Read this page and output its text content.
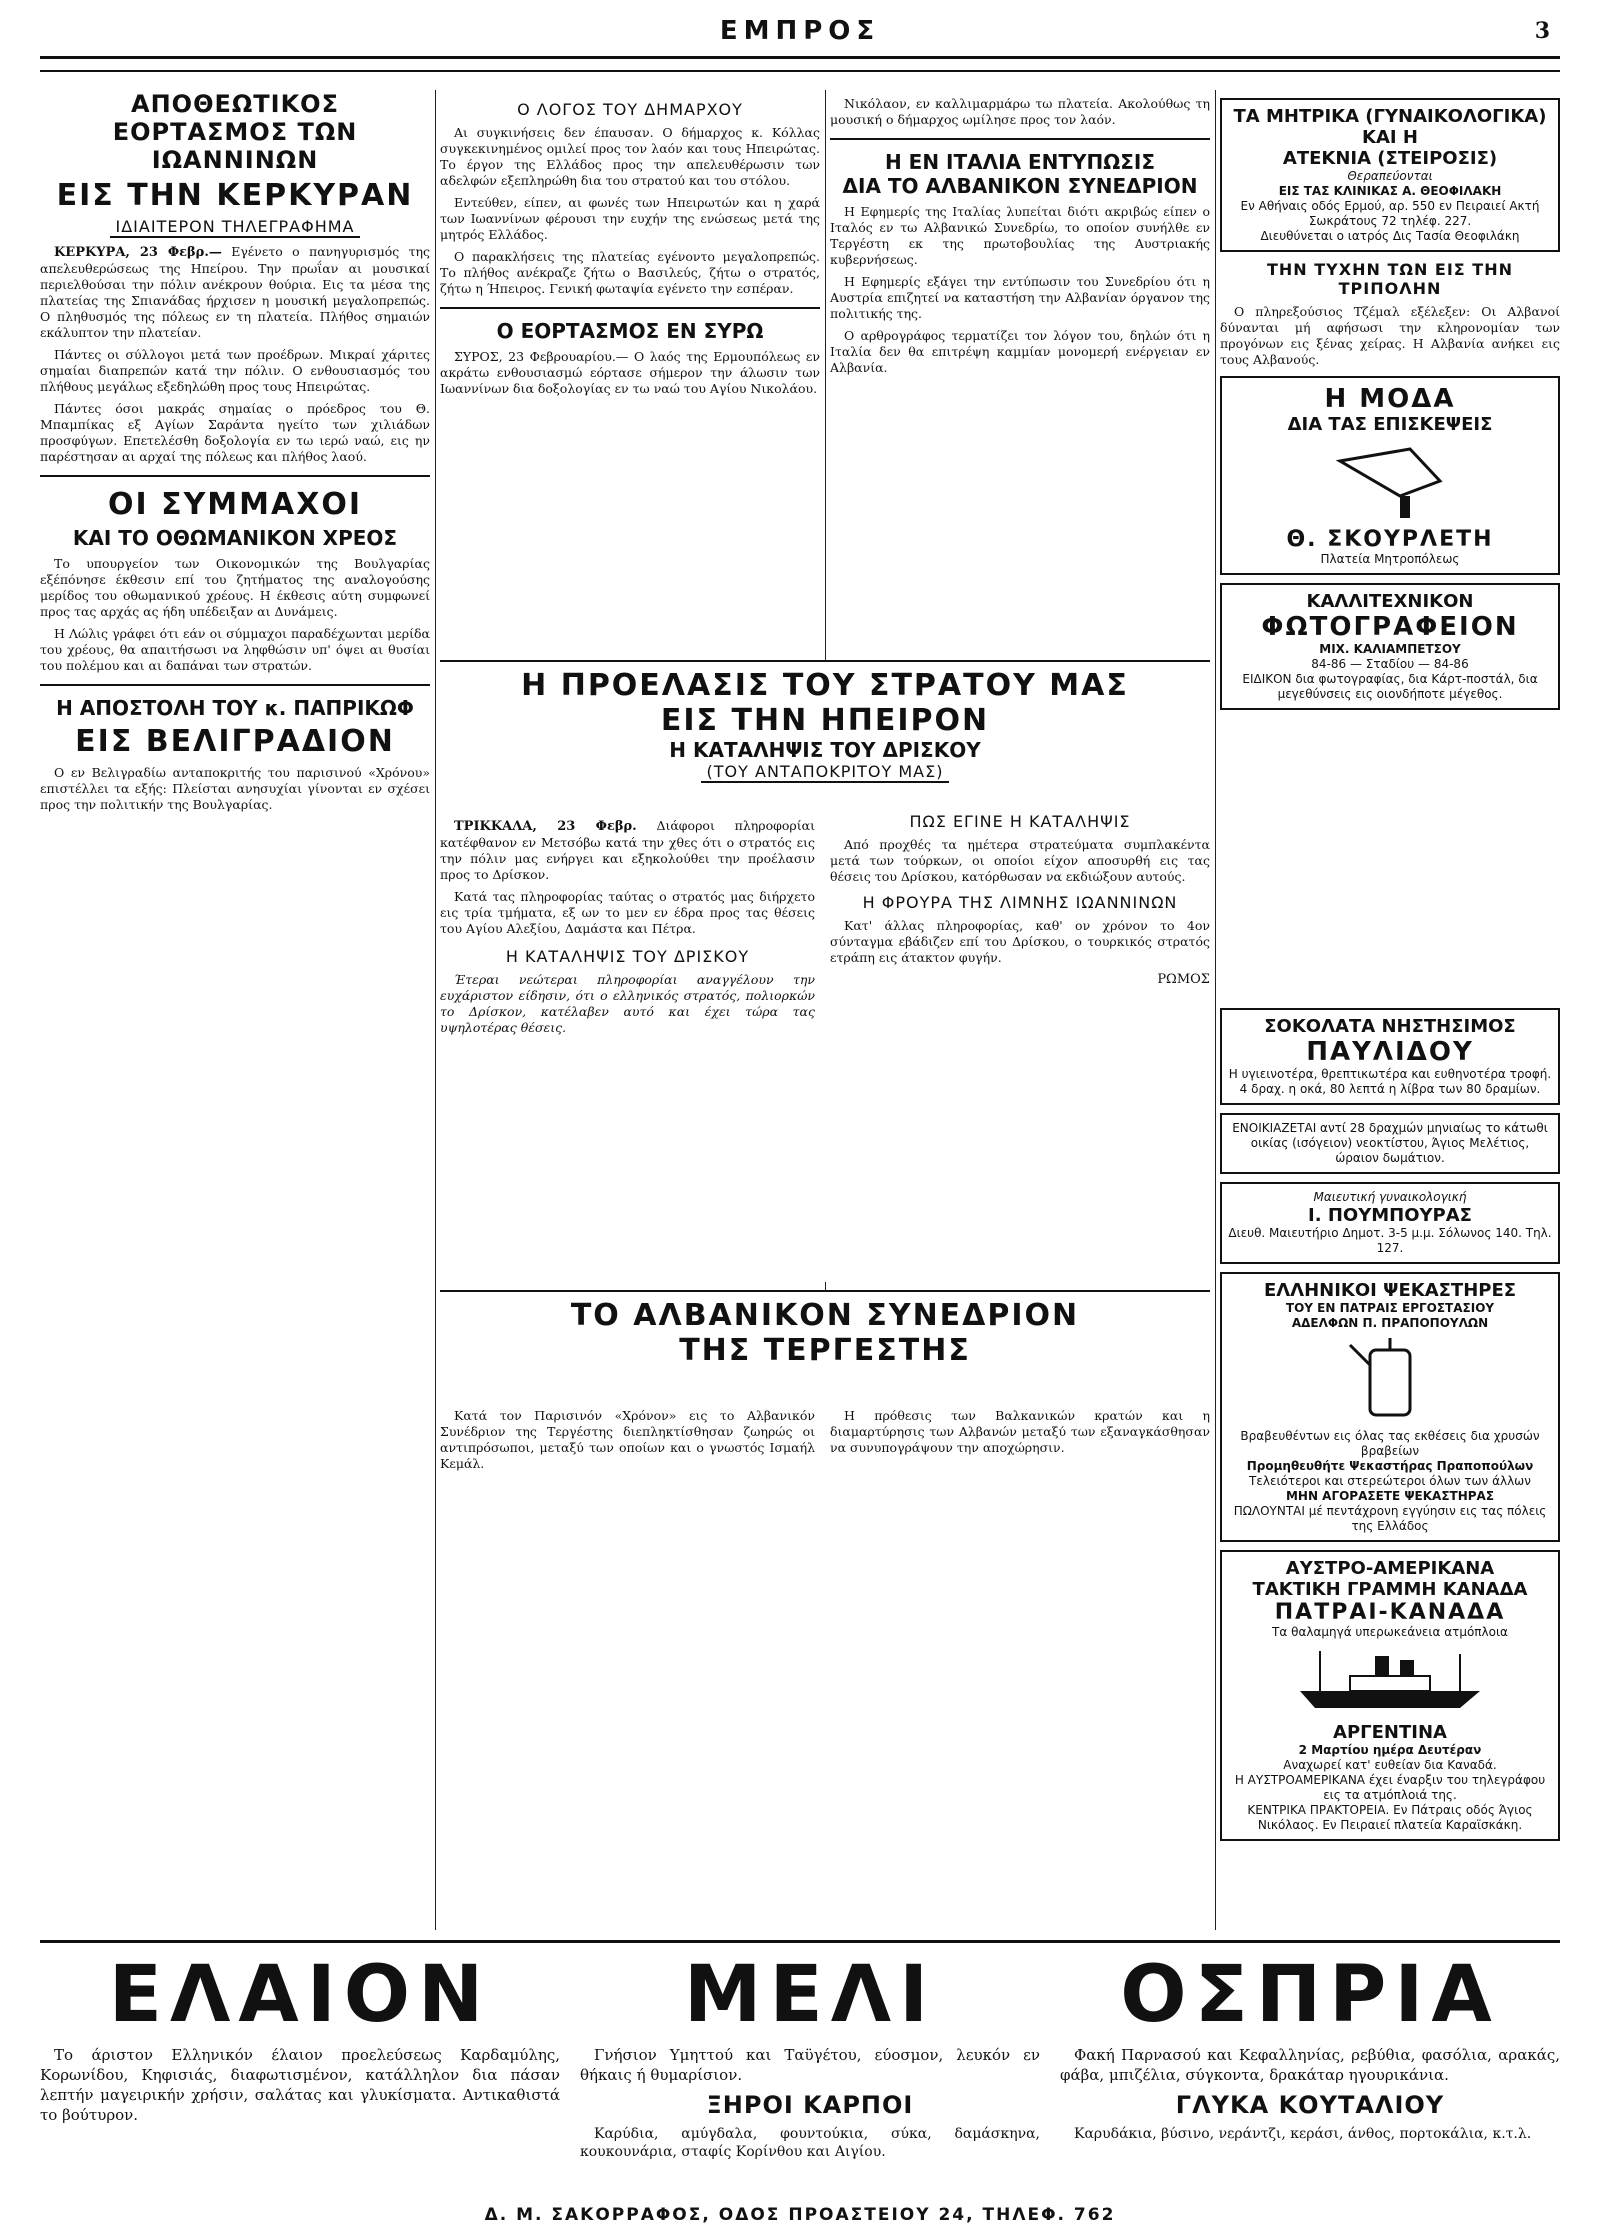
ΕΜΠΡΟΣ	3
ΑΠΟΘΕΩΤΙΚΟΣ ΕΟΡΤΑΣΜΟΣ ΤΩΝ ΙΩΑΝΝΙΝΩΝ
ΕΙΣ ΤΗΝ ΚΕΡΚΥΡΑΝ
ΙΔΙΑΙΤΕΡΟΝ ΤΗΛΕΓΡΑΦΗΜΑ

ΚΕΡΚΥΡΑ, 23 Φεβρ.— Εγένετο ο πανηγυρισμός της απελευθερώσεως της Ηπείρου. Την πρωΐαν αι μουσικαί περιελθούσαι την πόλιν ανέκρουν θούρια. Εις τα μέσα της πλατείας της Σπιανάδας ήρχισεν η μουσική μεγαλοπρεπώς. Ο πληθυσμός της πόλεως εν τη πλατεία. Πλήθος σημαιών εκάλυπτον την πλατείαν.

Πάντες οι σύλλογοι μετά των προέδρων. Μικραί χάριτες σημαίαι διαπρεπών κατά την πόλιν. Ο ενθουσιασμός του πλήθους μεγάλως εξεδηλώθη προς τους Ηπειρώτας.

Πάντες όσοι μακράς σημαίας ο πρόεδρος του Θ. Μπαμπίκας εξ Αγίων Σαράντα ηγείτο των χιλιάδων προσφύγων. Επετελέσθη δοξολογία εν τω ιερώ ναώ, εις ην παρέστησαν αι αρχαί της πόλεως και πλήθος λαού.

ΟΙ ΣΥΜΜΑΧΟΙ
ΚΑΙ ΤΟ ΟΘΩΜΑΝΙΚΟΝ ΧΡΕΟΣ

Το υπουργείον των Οικονομικών της Βουλγαρίας εξέπόνησε έκθεσιν επί του ζητήματος της αναλογούσης μερίδος του οθωμανικού χρέους. Η έκθεσις αύτη συμφωνεί προς τας αρχάς ας ήδη υπέδειξαν αι Δυνάμεις.

Η Λώλις γράφει ότι εάν οι σύμμαχοι παραδέχωνται μερίδα του χρέους, θα απαιτήσωσι να ληφθώσιν υπ' όψει αι θυσίαι του πολέμου και αι δαπάναι των στρατών.

Η ΑΠΟΣΤΟΛΗ ΤΟΥ κ. ΠΑΠΡΙΚΩΦ
ΕΙΣ ΒΕΛΙΓΡΑΔΙΟΝ

Ο εν Βελιγραδίω ανταποκριτής του παρισινού «Χρόνου» επιστέλλει τα εξής: Πλείσται ανησυχίαι γίνονται εν σχέσει προς την πολιτικήν της Βουλγαρίας.

Ο ΛΟΓΟΣ ΤΟΥ ΔΗΜΑΡΧΟΥ

Αι συγκινήσεις δεν έπαυσαν. Ο δήμαρχος κ. Κόλλας συγκεκινημένος ομιλεί προς τον λαόν και τους Ηπειρώτας. Το έργον της Ελλάδος προς την απελευθέρωσιν των αδελφών εξεπληρώθη δια του στρατού και του στόλου.

Εντεύθεν, είπεν, αι φωνές των Ηπειρωτών και η χαρά των Ιωαννίνων φέρουσι την ευχήν της ενώσεως μετά της μητρός Ελλάδος.

Ο παρακλήσεις της πλατείας εγένοντο μεγαλοπρεπώς. Το πλήθος ανέκραζε ζήτω ο Βασιλεύς, ζήτω ο στρατός, ζήτω η Ήπειρος. Γενική φωταψία εγένετο την εσπέραν.

Ο ΕΟΡΤΑΣΜΟΣ ΕΝ ΣΥΡΩ

ΣΥΡΟΣ, 23 Φεβρουαρίου.— Ο λαός της Ερμουπόλεως εν ακράτω ενθουσιασμώ εόρτασε σήμερον την άλωσιν των Ιωαννίνων δια δοξολογίας εν τω ναώ του Αγίου Νικολάου.

Νικόλαον, εν καλλιμαρμάρω τω πλατεία. Ακολούθως τη μουσική ο δήμαρχος ωμίλησε προς τον λαόν.

Η ΕΝ ΙΤΑΛΙΑ ΕΝΤΥΠΩΣΙΣ
ΔΙΑ ΤΟ ΑΛΒΑΝΙΚΟΝ ΣΥΝΕΔΡΙΟΝ

Η Εφημερίς της Ιταλίας λυπείται διότι ακριβώς είπεν ο Ιταλός εν τω Αλβανικώ Συνεδρίω, το οποίον συνήλθε εν Τεργέστη εκ της πρωτοβουλίας της Αυστριακής κυβερνήσεως.

Η Εφημερίς εξάγει την εντύπωσιν του Συνεδρίου ότι η Αυστρία επιζητεί να καταστήση την Αλβανίαν όργανον της πολιτικής της.

Ο αρθρογράφος τερματίζει τον λόγον του, δηλών ότι η Ιταλία δεν θα επιτρέψη καμμίαν μονομερή ενέργειαν εν Αλβανία.

Η ΠΡΟΕΛΑΣΙΣ ΤΟΥ ΣΤΡΑΤΟΥ ΜΑΣ
ΕΙΣ ΤΗΝ ΗΠΕΙΡΟΝ
Η ΚΑΤΑΛΗΨΙΣ ΤΟΥ ΔΡΙΣΚΟΥ
(ΤΟΥ ΑΝΤΑΠΟΚΡΙΤΟΥ ΜΑΣ)

ΤΡΙΚΚΑΛΑ, 23 Φεβρ. Διάφοροι πληροφορίαι κατέφθανον εν Μετσόβω κατά την χθες ότι ο στρατός εις την πόλιν μας ενήργει και εξηκολούθει την προέλασιν προς το Δρίσκον.

Κατά τας πληροφορίας ταύτας ο στρατός μας διήρχετο εις τρία τμήματα, εξ ων το μεν εν έδρα προς τας θέσεις του Αγίου Αλεξίου, Δαμάστα και Πέτρα.

Η ΚΑΤΑΛΗΨΙΣ ΤΟΥ ΔΡΙΣΚΟΥ

Έτεραι νεώτεραι πληροφορίαι αναγγέλουν την ευχάριστον είδησιν, ότι ο ελληνικός στρατός, πολιορκών το Δρίσκον, κατέλαβεν αυτό και έχει τώρα τας υψηλοτέρας θέσεις.

ΠΩΣ ΕΓΙΝΕ Η ΚΑΤΑΛΗΨΙΣ

Από προχθές τα ημέτερα στρατεύματα συμπλακέντα μετά των τούρκων, οι οποίοι είχον αποσυρθή εις τας θέσεις του Δρίσκου, κατόρθωσαν να εκδιώξουν αυτούς.

Η ΦΡΟΥΡΑ ΤΗΣ ΛΙΜΝΗΣ ΙΩΑΝΝΙΝΩΝ

Κατ' άλλας πληροφορίας, καθ' ον χρόνον το 4ον σύνταγμα εβάδιζεν επί του Δρίσκου, ο τουρκικός στρατός ετράπη εις άτακτον φυγήν.

ΡΩΜΟΣ
ΤΟ ΑΛΒΑΝΙΚΟΝ ΣΥΝΕΔΡΙΟΝ
ΤΗΣ ΤΕΡΓΕΣΤΗΣ

Κατά τον Παρισινόν «Χρόνον» εις το Αλβανικόν Συνέδριον της Τεργέστης διεπληκτίσθησαν ζωηρώς οι αντιπρόσωποι, μεταξύ των οποίων και ο γνωστός Ισμαήλ Κεμάλ.

Η πρόθεσις των Βαλκανικών κρατών και η διαμαρτύρησις των Αλβανών μεταξύ των εξαναγκάσθησαν να συνυπογράψουν την αποχώρησιν.

ΤΑ ΜΗΤΡΙΚΑ (ΓΥΝΑΙΚΟΛΟΓΙΚΑ)
ΚΑΙ Η
ΑΤΕΚΝΙΑ (ΣΤΕΙΡΟΣΙΣ)
Θεραπεύονται
ΕΙΣ ΤΑΣ ΚΛΙΝΙΚΑΣ Α. ΘΕΟΦΙΛΑΚΗ
Εν Αθήναις οδός Ερμού, αρ. 550 εν Πειραιεί Ακτή Σωκράτους 72 τηλέφ. 227.
Διευθύνεται ο ιατρός Δις Τασία Θεοφιλάκη
ΤΗΝ ΤΥΧΗΝ ΤΩΝ ΕΙΣ ΤΗΝ ΤΡΙΠΟΛΗΝ

Ο πληρεξούσιος Τζέμαλ εξέλεξεν: Οι Αλβανοί δύνανται μή αφήσωσι την κληρονομίαν των προγόνων εις ξένας χείρας. Η Αλβανία ανήκει εις τους Αλβανούς.

Η ΜΟΔΑ
ΔΙΑ ΤΑΣ ΕΠΙΣΚΕΨΕΙΣ
Θ. ΣΚΟΥΡΛΕΤΗ
Πλατεία Μητροπόλεως
ΚΑΛΛΙΤΕΧΝΙΚΟΝ
ΦΩΤΟΓΡΑΦΕΙΟΝ
ΜΙΧ. ΚΑΛΙΑΜΠΕΤΣΟΥ
84-86 — Σταδίου — 84-86
ΕΙΔΙΚΟΝ δια φωτογραφίας, δια Κάρτ-ποστάλ, δια μεγεθύνσεις εις οιονδήποτε μέγεθος.
ΣΟΚΟΛΑΤΑ ΝΗΣΤΗΣΙΜΟΣ
ΠΑΥΛΙΔΟΥ
Η υγιεινοτέρα, θρεπτικωτέρα και ευθηνοτέρα τροφή. 4 δραχ. η οκά, 80 λεπτά η λίβρα των 80 δραμίων.
ΕΝΟΙΚΙΑΖΕΤΑΙ αντί 28 δραχμών μηνιαίως το κάτωθι οικίας (ισόγειον) νεοκτίστου, Άγιος Μελέτιος, ώραιον δωμάτιον.
Μαιευτική γυναικολογική
Ι. ΠΟΥΜΠΟΥΡΑΣ
Διευθ. Μαιευτήριο Δημοτ. 3-5 μ.μ. Σόλωνος 140. Τηλ. 127.
ΕΛΛΗΝΙΚΟΙ ΨΕΚΑΣΤΗΡΕΣ
ΤΟΥ ΕΝ ΠΑΤΡΑΙΣ ΕΡΓΟΣΤΑΣΙΟΥ
ΑΔΕΛΦΩΝ Π. ΠΡΑΠΟΠΟΥΛΩΝ
Βραβευθέντων εις όλας τας εκθέσεις δια χρυσών βραβείων
Προμηθευθήτε Ψεκαστήρας Πραποπούλων
Τελειότεροι και στερεώτεροι όλων των άλλων
ΜΗΝ ΑΓΟΡΑΣΕΤΕ ΨΕΚΑΣΤΗΡΑΣ
ΠΩΛΟΥΝΤΑΙ μέ πεντάχρονη εγγύησιν εις τας πόλεις της Ελλάδος
ΑΥΣΤΡΟ-ΑΜΕΡΙΚΑΝΑ
ΤΑΚΤΙΚΗ ΓΡΑΜΜΗ ΚΑΝΑΔΑ
ΠΑΤΡΑΙ-ΚΑΝΑΔΑ
Τα θαλαμηγά υπερωκεάνεια ατμόπλοια
ΑΡΓΕΝΤΙΝΑ
2 Μαρτίου ημέρα Δευτέραν
Αναχωρεί κατ' ευθείαν δια Καναδά.
Η ΑΥΣΤΡΟΑΜΕΡΙΚΑΝΑ έχει έναρξιν του τηλεγράφου εις τα ατμόπλοιά της.
ΚΕΝΤΡΙΚΑ ΠΡΑΚΤΟΡΕΙΑ. Εν Πάτραις οδός Άγιος Νικόλαος. Εν Πειραιεί πλατεία Καραϊσκάκη.
ΕΛΑΙΟΝ

Το άριστον Ελληνικόν έλαιον προελεύσεως Καρδαμύλης, Κορωνίδου, Κηφισιάς, διαφωτισμένον, κατάλληλον δια πάσαν λεπτήν μαγειρικήν χρήσιν, σαλάτας και γλυκίσματα. Αντικαθιστά το βούτυρον.

ΜΕΛΙ

Γνήσιον Υμηττού και Ταϋγέτου, εύοσμον, λευκόν εν θήκαις ή θυμαρίσιον.

ΞΗΡΟΙ ΚΑΡΠΟΙ

Καρύδια, αμύγδαλα, φουντούκια, σύκα, δαμάσκηνα, κουκουνάρια, σταφίς Κορίνθου και Αιγίου.

ΟΣΠΡΙΑ

Φακή Παρνασού και Κεφαλληνίας, ρεβύθια, φασόλια, αρακάς, φάβα, μπιζέλια, σύγκοντα, δρακάταρ ηγουρικάνια.

ΓΛΥΚΑ ΚΟΥΤΑΛΙΟΥ

Καρυδάκια, βύσινο, νεράντζι, κεράσι, άνθος, πορτοκάλια, κ.τ.λ.

Δ. Μ. ΣΑΚΟΡΡΑΦΟΣ, ΟΔΟΣ ΠΡΟΑΣΤΕΙΟΥ 24, ΤΗΛΕΦ. 762
